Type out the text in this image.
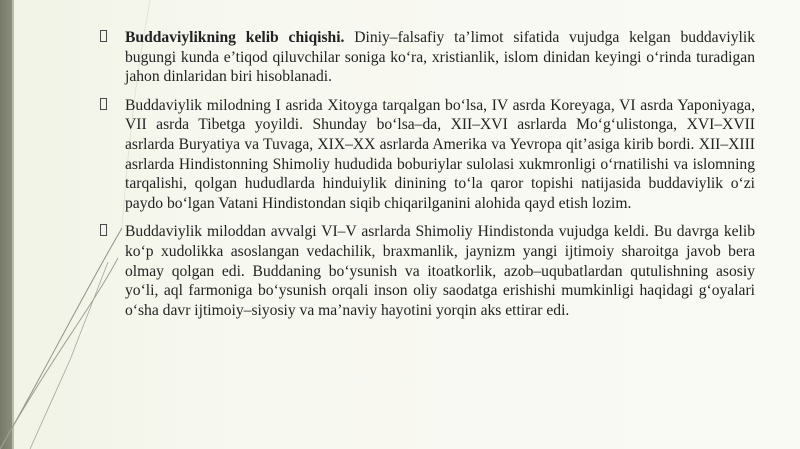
Buddaviylikning kelib chiqishi. Diniy–falsafiy ta’limot sifatida vujudga kelgan buddaviylik bugungi kunda e’tiqod qiluvchilar soniga koʻra, xristianlik, islom dinidan keyingi oʻrinda turadigan jahon dinlaridan biri hisoblanadi.
Buddaviylik milodning I asrida Xitoyga tarqalgan boʻlsa, IV asrda Koreyaga, VI asrda Yaponiyaga, VII asrda Tibetga yoyildi. Shunday boʻlsa–da, XII–XVI asrlarda Moʻgʻulistonga, XVI–XVII asrlarda Buryatiya va Tuvaga, XIX–XX asrlarda Amerika va Yevropa qit’asiga kirib bordi. XII–XIII asrlarda Hindistonning Shimoliy hududida boburiylar sulolasi xukmronligi oʻrnatilishi va islomning tarqalishi, qolgan hududlarda hinduiylik dinining toʻla qaror topishi natijasida buddaviylik oʻzi paydo boʻlgan Vatani Hindistondan siqib chiqarilganini alohida qayd etish lozim.
Buddaviylik miloddan avvalgi VI–V asrlarda Shimoliy Hindistonda vujudga keldi. Bu davrga kelib koʻp xudolikka asoslangan vedachilik, braxmanlik, jaynizm yangi ijtimoiy sharoitga javob bera olmay qolgan edi. Buddaning boʻysunish va itoatkorlik, azob–uqubatlardan qutulishning asosiy yoʻli, aql farmoniga boʻysunish orqali inson oliy saodatga erishishi mumkinligi haqidagi gʻoyalari oʻsha davr ijtimoiy–siyosiy va ma’naviy hayotini yorqin aks ettirar edi.
